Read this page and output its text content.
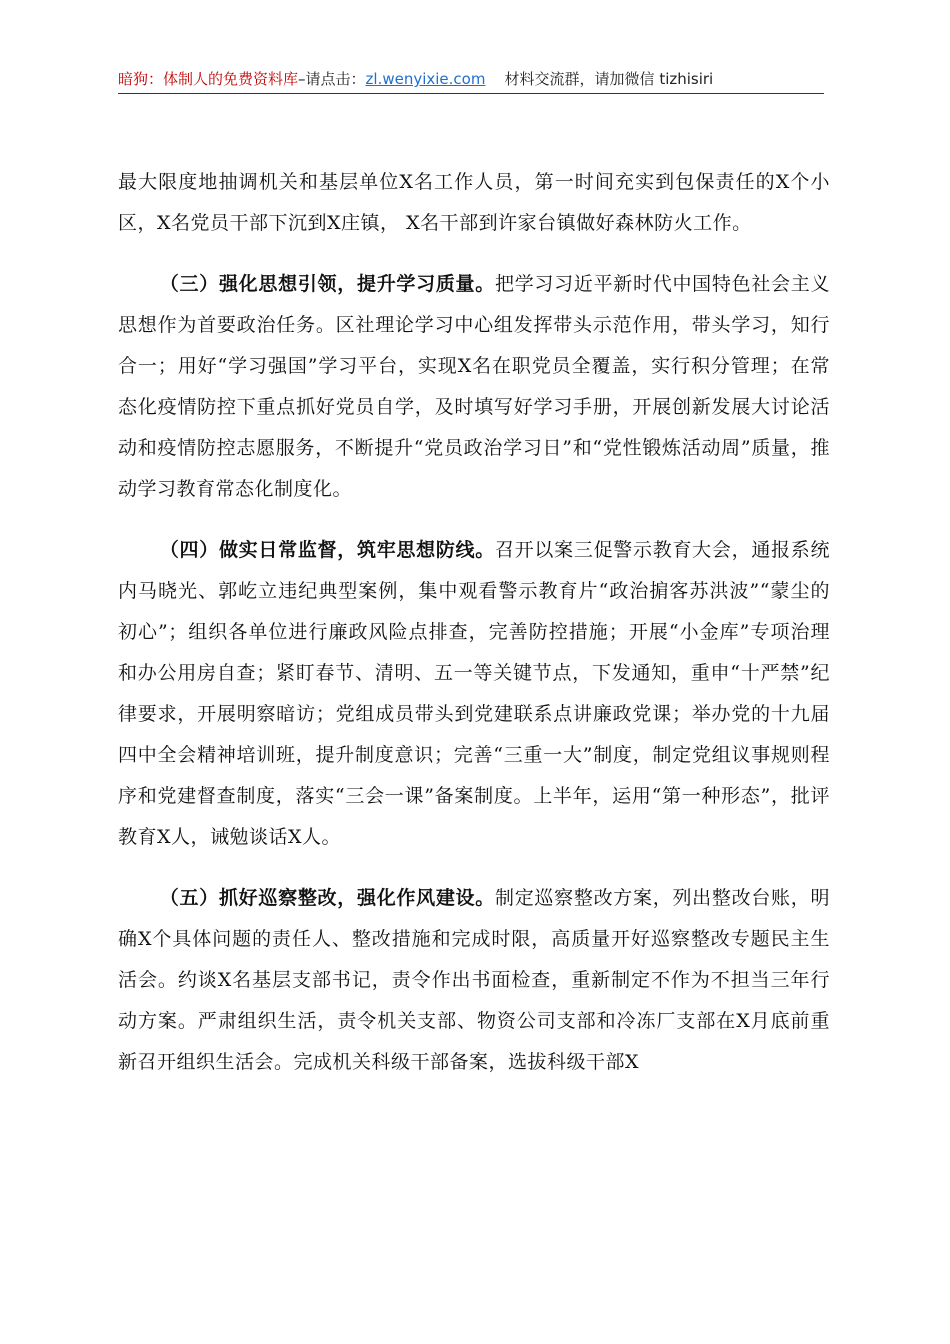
暗狗：体制人的免费资料库–请点击：zl.wenyixie.com 材料交流群，请加微信 tizhisiri

最大限度地抽调机关和基层单位X名工作人员，第一时间充实到包保责任的X个小区，X名党员干部下沉到X庄镇， X名干部到许家台镇做好森林防火工作。

（三）强化思想引领，提升学习质量。把学习习近平新时代中国特色社会主义思想作为首要政治任务。区社理论学习中心组发挥带头示范作用，带头学习，知行合一；用好“学习强国”学习平台，实现X名在职党员全覆盖，实行积分管理；在常态化疫情防控下重点抓好党员自学，及时填写好学习手册，开展创新发展大讨论活动和疫情防控志愿服务，不断提升“党员政治学习日”和“党性锻炼活动周”质量，推动学习教育常态化制度化。

（四）做实日常监督，筑牢思想防线。召开以案三促警示教育大会，通报系统内马晓光、郭屹立违纪典型案例，集中观看警示教育片“政治掮客苏洪波”“蒙尘的初心”；组织各单位进行廉政风险点排查，完善防控措施；开展“小金库”专项治理和办公用房自查；紧盯春节、清明、五一等关键节点，下发通知，重申“十严禁”纪律要求，开展明察暗访；党组成员带头到党建联系点讲廉政党课；举办党的十九届四中全会精神培训班，提升制度意识；完善“三重一大”制度，制定党组议事规则程序和党建督查制度，落实“三会一课”备案制度。上半年，运用“第一种形态”，批评教育X人，诫勉谈话X人。

（五）抓好巡察整改，强化作风建设。制定巡察整改方案，列出整改台账，明确X个具体问题的责任人、整改措施和完成时限，高质量开好巡察整改专题民主生活会。约谈X名基层支部书记，责令作出书面检查，重新制定不作为不担当三年行动方案。严肃组织生活，责令机关支部、物资公司支部和冷冻厂支部在X月底前重新召开组织生活会。完成机关科级干部备案，选拔科级干部X
